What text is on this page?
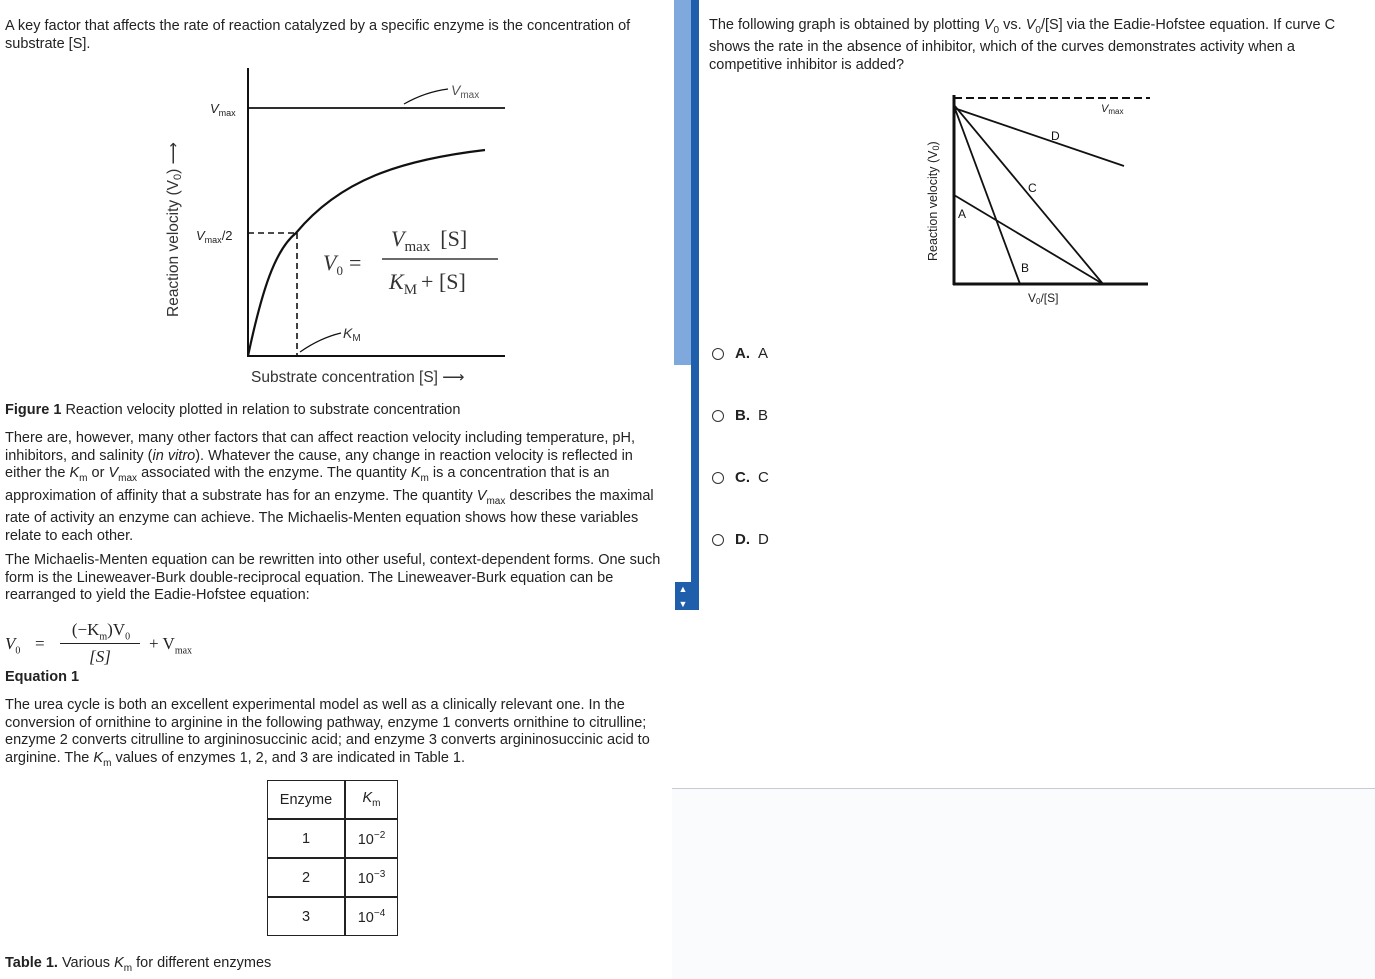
A key factor that affects the rate of reaction catalyzed by a specific enzyme is the concentration of substrate [S].

$V_{max}$
$V_{max}/2$
$V_{max}$
$K_M$
Substrate concentration [S] ⟶
Reaction velocity (V0) ⟶
$V_0$ =
$V_{max}$ [S]
$K_M + [S]$

Figure 1 Reaction velocity plotted in relation to substrate concentration

There are, however, many other factors that can affect reaction velocity including temperature, pH, inhibitors, and salinity (in vitro). Whatever the cause, any change in reaction velocity is reflected in either the $K_m$ or $V_{max}$ associated with the enzyme. The quantity $K_m$ is a concentration that is an approximation of affinity that a substrate has for an enzyme. The quantity $V_{max}$ describes the maximal rate of activity an enzyme can achieve. The Michaelis-Menten equation shows how these variables relate to each other.

The Michaelis-Menten equation can be rewritten into other useful, context-dependent forms. One such form is the Lineweaver-Burk double-reciprocal equation. The Lineweaver-Burk equation can be rearranged to yield the Eadie-Hofstee equation:

$V_0$ =
$(-K_m)V_0$
[S]
+ $V_{max}$

Equation 1

The urea cycle is both an excellent experimental model as well as a clinically relevant one. In the conversion of ornithine to arginine in the following pathway, enzyme 1 converts ornithine to citrulline; enzyme 2 converts citrulline to argininosuccinic acid; and enzyme 3 converts argininosuccinic acid to arginine. The $K_m$ values of enzymes 1, 2, and 3 are indicated in Table 1.

Enzyme	$K_m$
1	$10^{-2}$
2	$10^{-3}$
3	$10^{-4}$

Table 1. Various $K_m$ for different enzymes

▲
▼

The following graph is obtained by plotting $V_0$ vs. $V_0/[S]$ via the Eadie-Hofstee equation. If curve C shows the rate in the absence of inhibitor, which of the curves demonstrates activity when a competitive inhibitor is added?

Vmax
D
C
A
B
V0/[S]
Reaction velocity (V0)
A. A
B. B
C. C
D. D
